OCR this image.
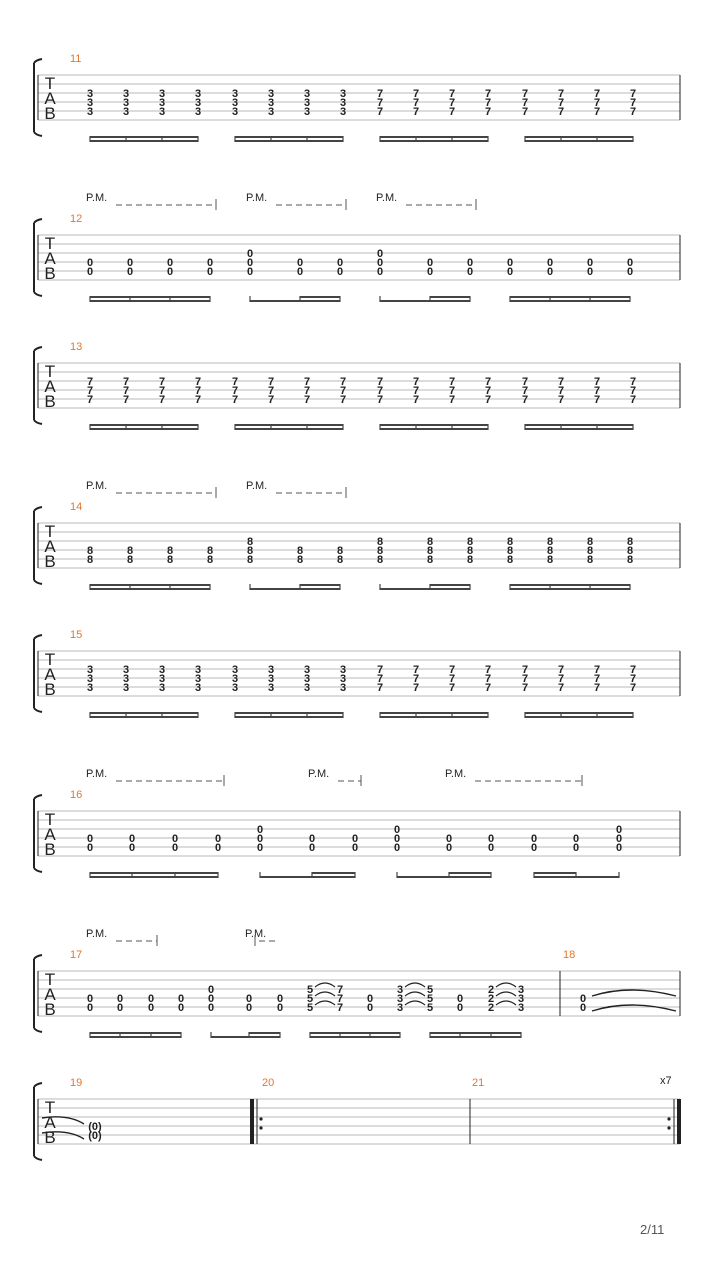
T
A
B
11
3
3
3
3
3
3
3
3
3
3
3
3
3
3
3
3
3
3
3
3
3
3
3
3
7
7
7
7
7
7
7
7
7
7
7
7
7
7
7
7
7
7
7
7
7
7
7
7
T
A
B
12
0
0
0
0
0
0
0
0
0
0
0
0
0
0
0
0
0
0
0
0
0
0
0
0
0
0
0
0
0
0
P.M.	P.M.	P.M.
T
A
B
13
7
7
7
7
7
7
7
7
7
7
7
7
7
7
7
7
7
7
7
7
7
7
7
7
7
7
7
7
7
7
7
7
7
7
7
7
7
7
7
7
7
7
7
7
7
7
7
7
T
A
B
14
8
8
8
8
8
8
8
8
8
8
8
8
8
8
8
8
8
8
8
8
8
8
8
8
8
8
8
8
8
8
8
8
8
8
8
8
P.M.	P.M.
T
A
B
15
3
3
3
3
3
3
3
3
3
3
3
3
3
3
3
3
3
3
3
3
3
3
3
3
7
7
7
7
7
7
7
7
7
7
7
7
7
7
7
7
7
7
7
7
7
7
7
7
T
A
B
16
0
0
0
0
0
0
0
0
0
0
0
0
0
0
0
0
0
0
0
0
0
0
0
0
0
0
0
0
0
P.M.	P.M.	P.M.
T
A
B
17	18
0
0
0
0
0
0
0
0
0
0
0
0
0
0
0
5
5
5
7
7
7
0
0
3
3
3
5
5
5
0
0
2
2
2
3
3
3
P.M.	P.M.
0
0
T
A
B
19	20	21
(0)
(0)
x7
2/11
